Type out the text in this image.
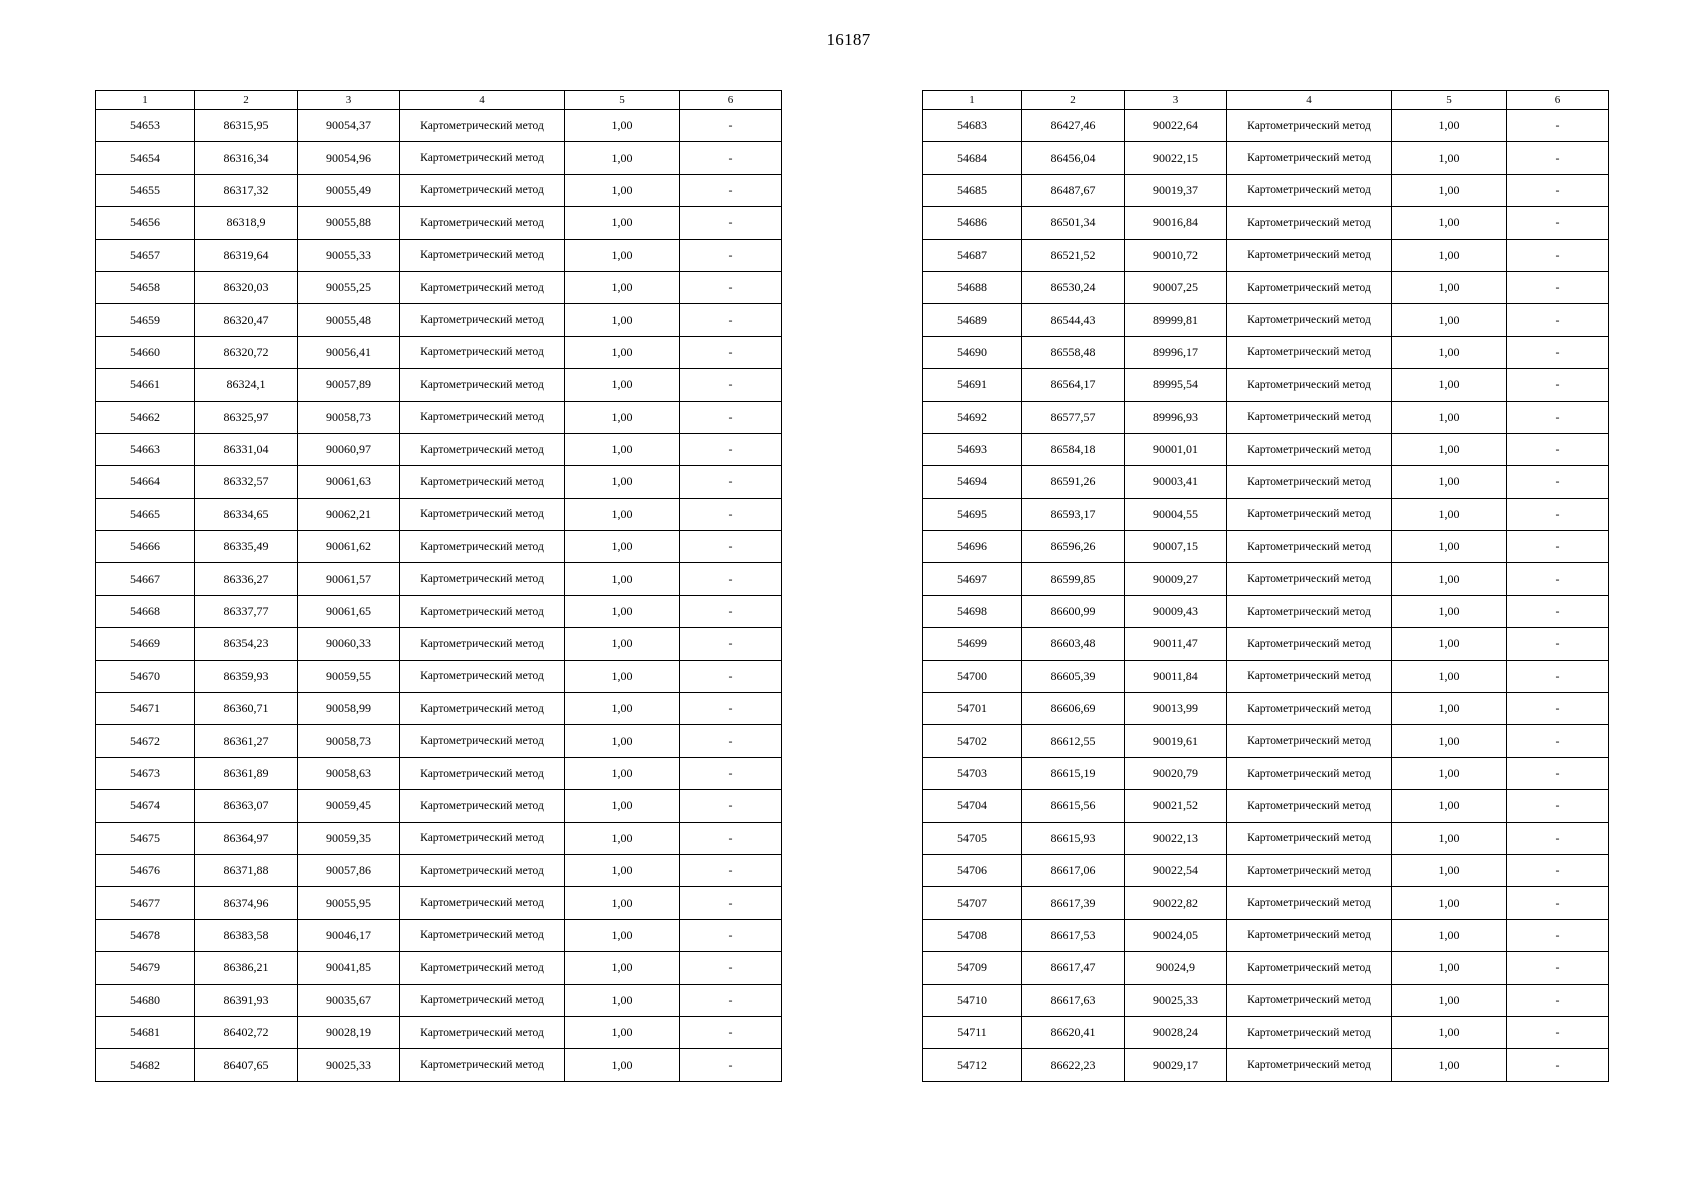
16187
1	2	3	4	5	6
54653	86315,95	90054,37	Картометрический метод	1,00	-
54654	86316,34	90054,96	Картометрический метод	1,00	-
54655	86317,32	90055,49	Картометрический метод	1,00	-
54656	86318,9	90055,88	Картометрический метод	1,00	-
54657	86319,64	90055,33	Картометрический метод	1,00	-
54658	86320,03	90055,25	Картометрический метод	1,00	-
54659	86320,47	90055,48	Картометрический метод	1,00	-
54660	86320,72	90056,41	Картометрический метод	1,00	-
54661	86324,1	90057,89	Картометрический метод	1,00	-
54662	86325,97	90058,73	Картометрический метод	1,00	-
54663	86331,04	90060,97	Картометрический метод	1,00	-
54664	86332,57	90061,63	Картометрический метод	1,00	-
54665	86334,65	90062,21	Картометрический метод	1,00	-
54666	86335,49	90061,62	Картометрический метод	1,00	-
54667	86336,27	90061,57	Картометрический метод	1,00	-
54668	86337,77	90061,65	Картометрический метод	1,00	-
54669	86354,23	90060,33	Картометрический метод	1,00	-
54670	86359,93	90059,55	Картометрический метод	1,00	-
54671	86360,71	90058,99	Картометрический метод	1,00	-
54672	86361,27	90058,73	Картометрический метод	1,00	-
54673	86361,89	90058,63	Картометрический метод	1,00	-
54674	86363,07	90059,45	Картометрический метод	1,00	-
54675	86364,97	90059,35	Картометрический метод	1,00	-
54676	86371,88	90057,86	Картометрический метод	1,00	-
54677	86374,96	90055,95	Картометрический метод	1,00	-
54678	86383,58	90046,17	Картометрический метод	1,00	-
54679	86386,21	90041,85	Картометрический метод	1,00	-
54680	86391,93	90035,67	Картометрический метод	1,00	-
54681	86402,72	90028,19	Картометрический метод	1,00	-
54682	86407,65	90025,33	Картометрический метод	1,00	-
1	2	3	4	5	6
54683	86427,46	90022,64	Картометрический метод	1,00	-
54684	86456,04	90022,15	Картометрический метод	1,00	-
54685	86487,67	90019,37	Картометрический метод	1,00	-
54686	86501,34	90016,84	Картометрический метод	1,00	-
54687	86521,52	90010,72	Картометрический метод	1,00	-
54688	86530,24	90007,25	Картометрический метод	1,00	-
54689	86544,43	89999,81	Картометрический метод	1,00	-
54690	86558,48	89996,17	Картометрический метод	1,00	-
54691	86564,17	89995,54	Картометрический метод	1,00	-
54692	86577,57	89996,93	Картометрический метод	1,00	-
54693	86584,18	90001,01	Картометрический метод	1,00	-
54694	86591,26	90003,41	Картометрический метод	1,00	-
54695	86593,17	90004,55	Картометрический метод	1,00	-
54696	86596,26	90007,15	Картометрический метод	1,00	-
54697	86599,85	90009,27	Картометрический метод	1,00	-
54698	86600,99	90009,43	Картометрический метод	1,00	-
54699	86603,48	90011,47	Картометрический метод	1,00	-
54700	86605,39	90011,84	Картометрический метод	1,00	-
54701	86606,69	90013,99	Картометрический метод	1,00	-
54702	86612,55	90019,61	Картометрический метод	1,00	-
54703	86615,19	90020,79	Картометрический метод	1,00	-
54704	86615,56	90021,52	Картометрический метод	1,00	-
54705	86615,93	90022,13	Картометрический метод	1,00	-
54706	86617,06	90022,54	Картометрический метод	1,00	-
54707	86617,39	90022,82	Картометрический метод	1,00	-
54708	86617,53	90024,05	Картометрический метод	1,00	-
54709	86617,47	90024,9	Картометрический метод	1,00	-
54710	86617,63	90025,33	Картометрический метод	1,00	-
54711	86620,41	90028,24	Картометрический метод	1,00	-
54712	86622,23	90029,17	Картометрический метод	1,00	-
